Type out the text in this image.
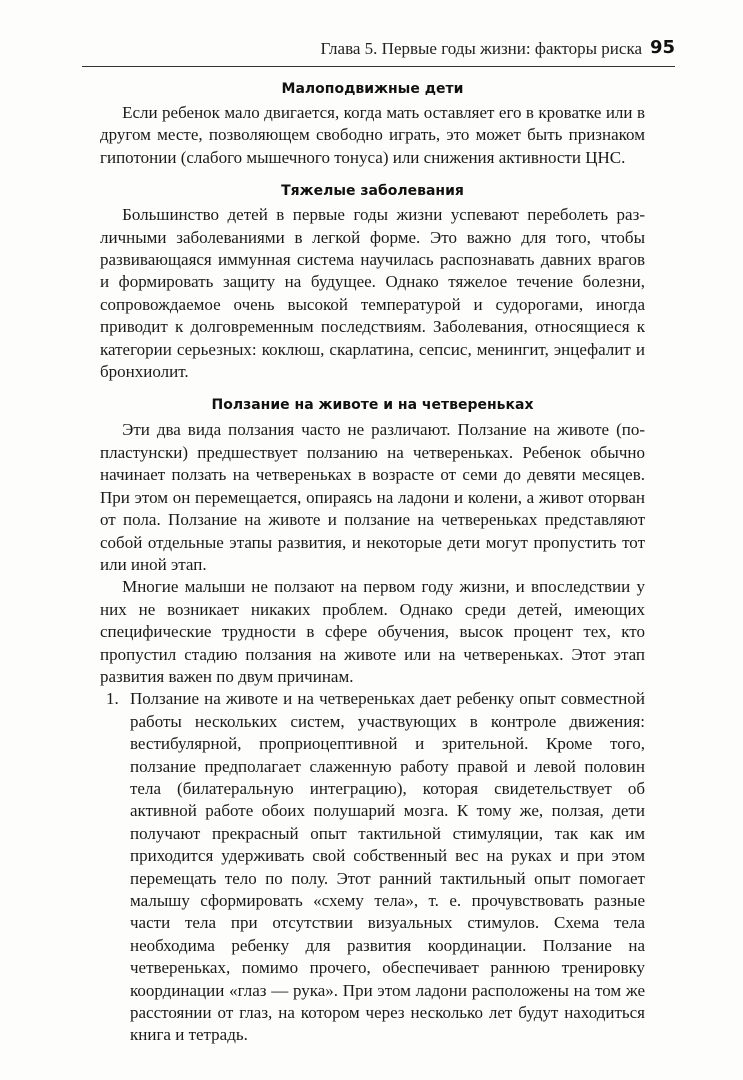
Глава 5. Первые годы жизни: факторы риска 95
Малоподвижные дети

Если ребенок мало двигается, когда мать оставляет его в кроватке или в другом месте, позволяющем свободно играть, это может быть признаком гипотонии (слабого мышечного тонуса) или снижения активности ЦНС.

Тяжелые заболевания

Большинство детей в первые годы жизни успевают переболеть различными заболеваниями в легкой форме. Это важно для того, чтобы развивающаяся иммунная система научилась распознавать давних врагов и формировать защиту на будущее. Однако тяжелое течение болезни, сопровождаемое очень высокой температурой и судорогами, иногда приводит к долговременным последствиям. Заболевания, относящиеся к категории серьезных: коклюш, скарлатина, сепсис, менингит, энцефалит и бронхиолит.

Ползание на животе и на четвереньках

Эти два вида ползания часто не различают. Ползание на животе (по-пластунски) предшествует ползанию на четвереньках. Ребенок обычно начинает ползать на четвереньках в возрасте от семи до девяти месяцев. При этом он перемещается, опираясь на ладони и колени, а живот оторван от пола. Ползание на животе и ползание на четвереньках представляют собой отдельные этапы развития, и некоторые дети могут пропустить тот или иной этап.

Многие малыши не ползают на первом году жизни, и впоследствии у них не возникает никаких проблем. Однако среди детей, имеющих специфические трудности в сфере обучения, высок процент тех, кто пропустил стадию ползания на животе или на четвереньках. Этот этап развития важен по двум причинам.

1. Ползание на животе и на четвереньках дает ребенку опыт совместной работы нескольких систем, участвующих в контроле движения: вестибулярной, проприоцептивной и зрительной. Кроме того, ползание предполагает слаженную работу правой и левой половин тела (билатеральную интеграцию), которая свидетельствует об активной работе обоих полушарий мозга. К тому же, ползая, дети получают прекрасный опыт тактильной стимуляции, так как им приходится удерживать свой собственный вес на руках и при этом перемещать тело по полу. Этот ранний тактильный опыт помогает малышу сформировать «схему тела», т. е. прочувствовать разные части тела при отсутствии визуальных стимулов. Схема тела необходима ребенку для развития координации. Ползание на четвереньках, помимо прочего, обеспечивает раннюю тренировку координации «глаз — рука». При этом ладони расположены на том же расстоянии от глаз, на котором через несколько лет будут находиться книга и тетрадь.
